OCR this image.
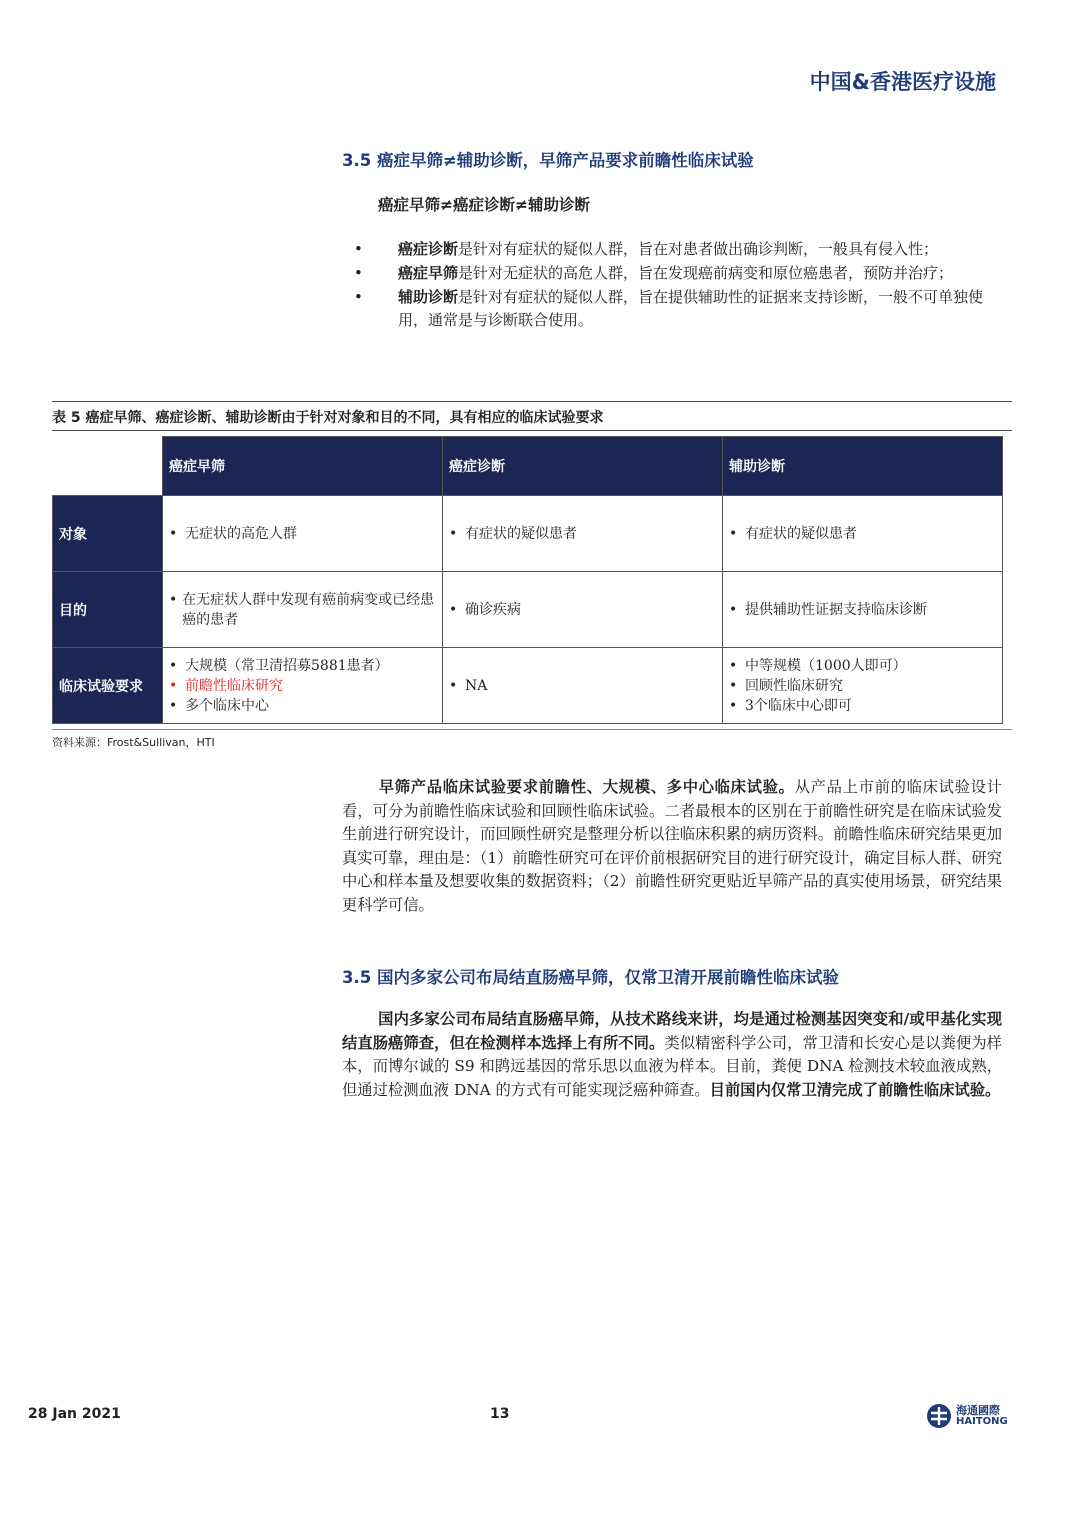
中国&香港医疗设施
3.5 癌症早筛≠辅助诊断，早筛产品要求前瞻性临床试验
癌症早筛≠癌症诊断≠辅助诊断
• 癌症诊断是针对有症状的疑似人群，旨在对患者做出确诊判断，一般具有侵入性；
• 癌症早筛是针对无症状的高危人群，旨在发现癌前病变和原位癌患者，预防并治疗；
• 辅助诊断是针对有症状的疑似人群，旨在提供辅助性的证据来支持诊断，一般不可单独使用，通常是与诊断联合使用。
表 5 癌症早筛、癌症诊断、辅助诊断由于针对对象和目的不同，具有相应的临床试验要求
	癌症早筛	癌症诊断	辅助诊断
对象	• 无症状的高危人群	• 有症状的疑似患者	• 有症状的疑似患者

目的	• 在无症状人群中发现有癌前病变或已经患癌的患者	• 确诊疾病	• 提供辅助性证据支持临床诊断

临床试验要求	• 大规模（常卫清招募5881患者）
• 前瞻性临床研究
• 多个临床中心	• NA	• 中等规模（1000人即可）
• 回顾性临床研究
• 3个临床中心即可
资料来源：Frost&Sullivan，HTI
早筛产品临床试验要求前瞻性、大规模、多中心临床试验。从产品上市前的临床试验设计看，可分为前瞻性临床试验和回顾性临床试验。二者最根本的区别在于前瞻性研究是在临床试验发生前进行研究设计，而回顾性研究是整理分析以往临床积累的病历资料。前瞻性临床研究结果更加真实可靠，理由是：（1）前瞻性研究可在评价前根据研究目的进行研究设计，确定目标人群、研究中心和样本量及想要收集的数据资料；（2）前瞻性研究更贴近早筛产品的真实使用场景，研究结果更科学可信。
3.5 国内多家公司布局结直肠癌早筛，仅常卫清开展前瞻性临床试验
国内多家公司布局结直肠癌早筛，从技术路线来讲，均是通过检测基因突变和/或甲基化实现结直肠癌筛查，但在检测样本选择上有所不同。类似精密科学公司，常卫清和长安心是以粪便为样本，而博尔诚的 S9 和鹍远基因的常乐思以血液为样本。目前，粪便 DNA 检测技术较血液成熟，但通过检测血液 DNA 的方式有可能实现泛癌种筛查。目前国内仅常卫清完成了前瞻性临床试验。
28 Jan 2021	13	海通國際
HAITONG
